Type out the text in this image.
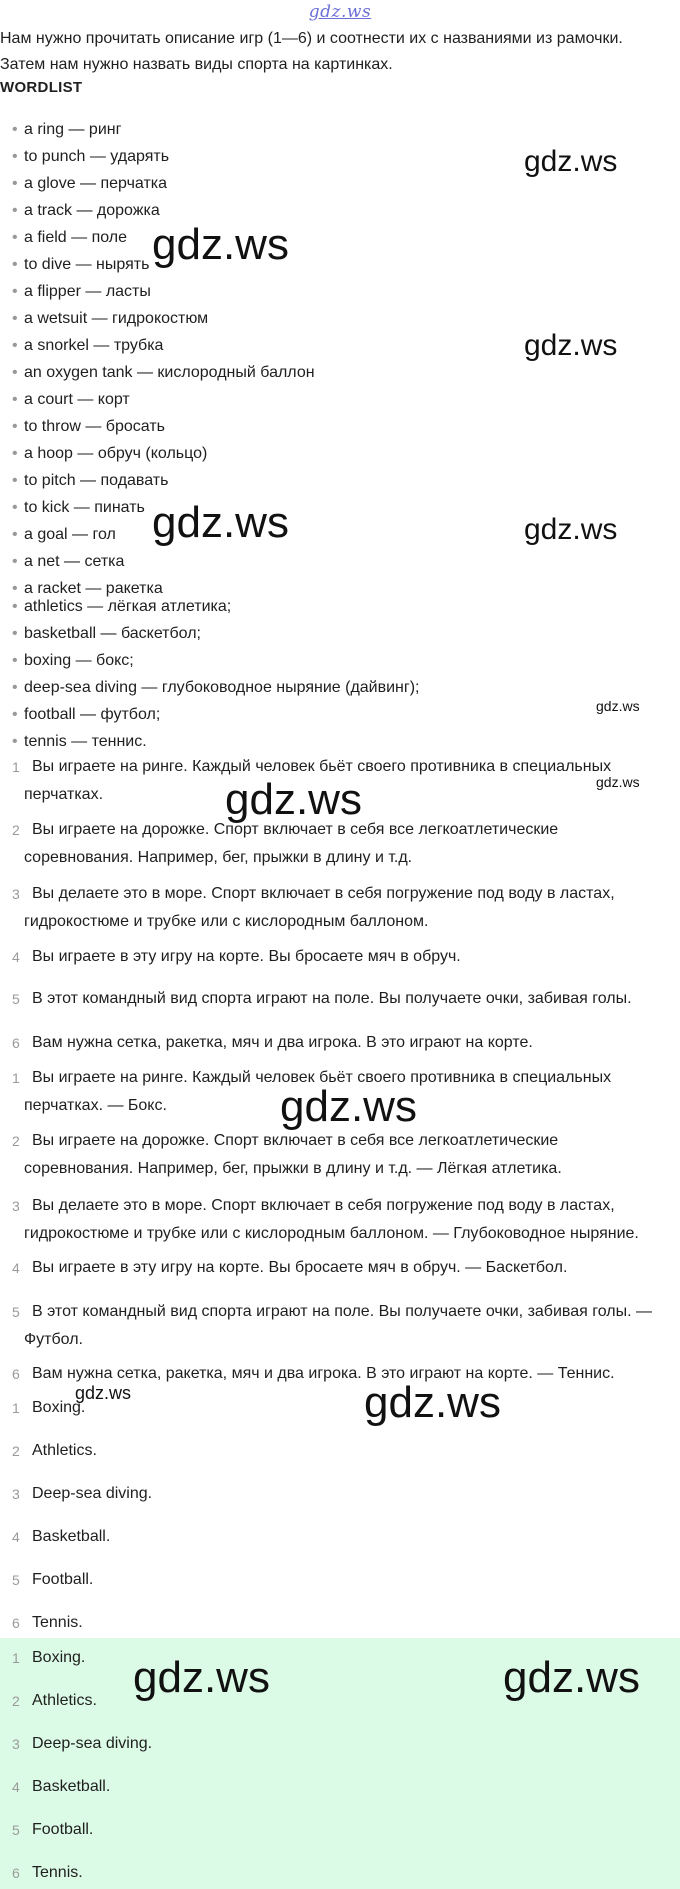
gdz.ws

Нам нужно прочитать описание игр (1—6) и соотнести их с названиями из рамочки.

Затем нам нужно назвать виды спорта на картинках.

WORDLIST
• a ring — ринг
• to punch — ударять
• a glove — перчатка
• a track — дорожка
• a field — поле
• to dive — нырять
• a flipper — ласты
• a wetsuit — гидрокостюм
• a snorkel — трубка
• an oxygen tank — кислородный баллон
• a court — корт
• to throw — бросать
• a hoop — обруч (кольцо)
• to pitch — подавать
• to kick — пинать
• a goal — гол
• a net — сетка
• a racket — ракетка
• athletics — лёгкая атлетика;
• basketball — баскетбол;
• boxing — бокс;
• deep-sea diving — глубоководное ныряние (дайвинг);
• football — футбол;
• tennis — теннис.
1 Вы играете на ринге. Каждый человек бьёт своего противника в специальных
перчатках.
2 Вы играете на дорожке. Спорт включает в себя все легкоатлетические
соревнования. Например, бег, прыжки в длину и т.д.
3 Вы делаете это в море. Спорт включает в себя погружение под воду в ластах,
гидрокостюме и трубке или с кислородным баллоном.
4 Вы играете в эту игру на корте. Вы бросаете мяч в обруч.
5 В этот командный вид спорта играют на поле. Вы получаете очки, забивая голы.
6 Вам нужна сетка, ракетка, мяч и два игрока. В это играют на корте.
1 Вы играете на ринге. Каждый человек бьёт своего противника в специальных
перчатках. — Бокс.
2 Вы играете на дорожке. Спорт включает в себя все легкоатлетические
соревнования. Например, бег, прыжки в длину и т.д. — Лёгкая атлетика.
3 Вы делаете это в море. Спорт включает в себя погружение под воду в ластах,
гидрокостюме и трубке или с кислородным баллоном. — Глубоководное ныряние.
4 Вы играете в эту игру на корте. Вы бросаете мяч в обруч. — Баскетбол.
5 В этот командный вид спорта играют на поле. Вы получаете очки, забивая голы. —
Футбол.
6 Вам нужна сетка, ракетка, мяч и два игрока. В это играют на корте. — Теннис.
1 Boxing.
2 Athletics.
3 Deep-sea diving.
4 Basketball.
5 Football.
6 Tennis.
1 Boxing.
2 Athletics.
3 Deep-sea diving.
4 Basketball.
5 Football.
6 Tennis.
gdz.ws
gdz.ws
gdz.ws
gdz.ws	gdz.ws
gdz.ws
gdz.ws
gdz.ws
gdz.ws
gdz.ws	gdz.ws
gdz.ws	gdz.ws
